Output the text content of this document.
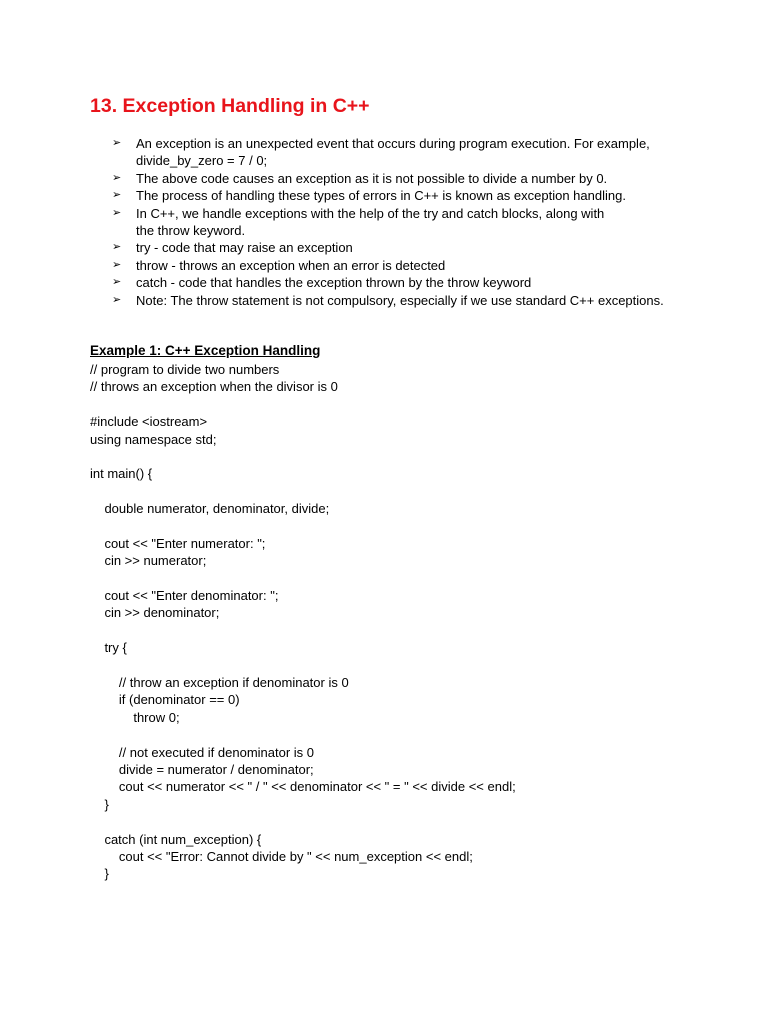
13. Exception Handling in C++
➢ An exception is an unexpected event that occurs during program execution. For example,
divide_by_zero = 7 / 0;
➢ The above code causes an exception as it is not possible to divide a number by 0.
➢ The process of handling these types of errors in C++ is known as exception handling.
➢ In C++, we handle exceptions with the help of the try and catch blocks, along with
the throw keyword.
➢ try - code that may raise an exception
➢ throw - throws an exception when an error is detected
➢ catch - code that handles the exception thrown by the throw keyword
➢ Note: The throw statement is not compulsory, especially if we use standard C++ exceptions.
Example 1: C++ Exception Handling
// program to divide two numbers
// throws an exception when the divisor is 0
#include <iostream>
using namespace std;
int main() {
double numerator, denominator, divide;
cout << "Enter numerator: ";
cin >> numerator;
cout << "Enter denominator: ";
cin >> denominator;
try {
// throw an exception if denominator is 0
if (denominator == 0)
throw 0;
// not executed if denominator is 0
divide = numerator / denominator;
cout << numerator << " / " << denominator << " = " << divide << endl;
}
catch (int num_exception) {
cout << "Error: Cannot divide by " << num_exception << endl;
}
